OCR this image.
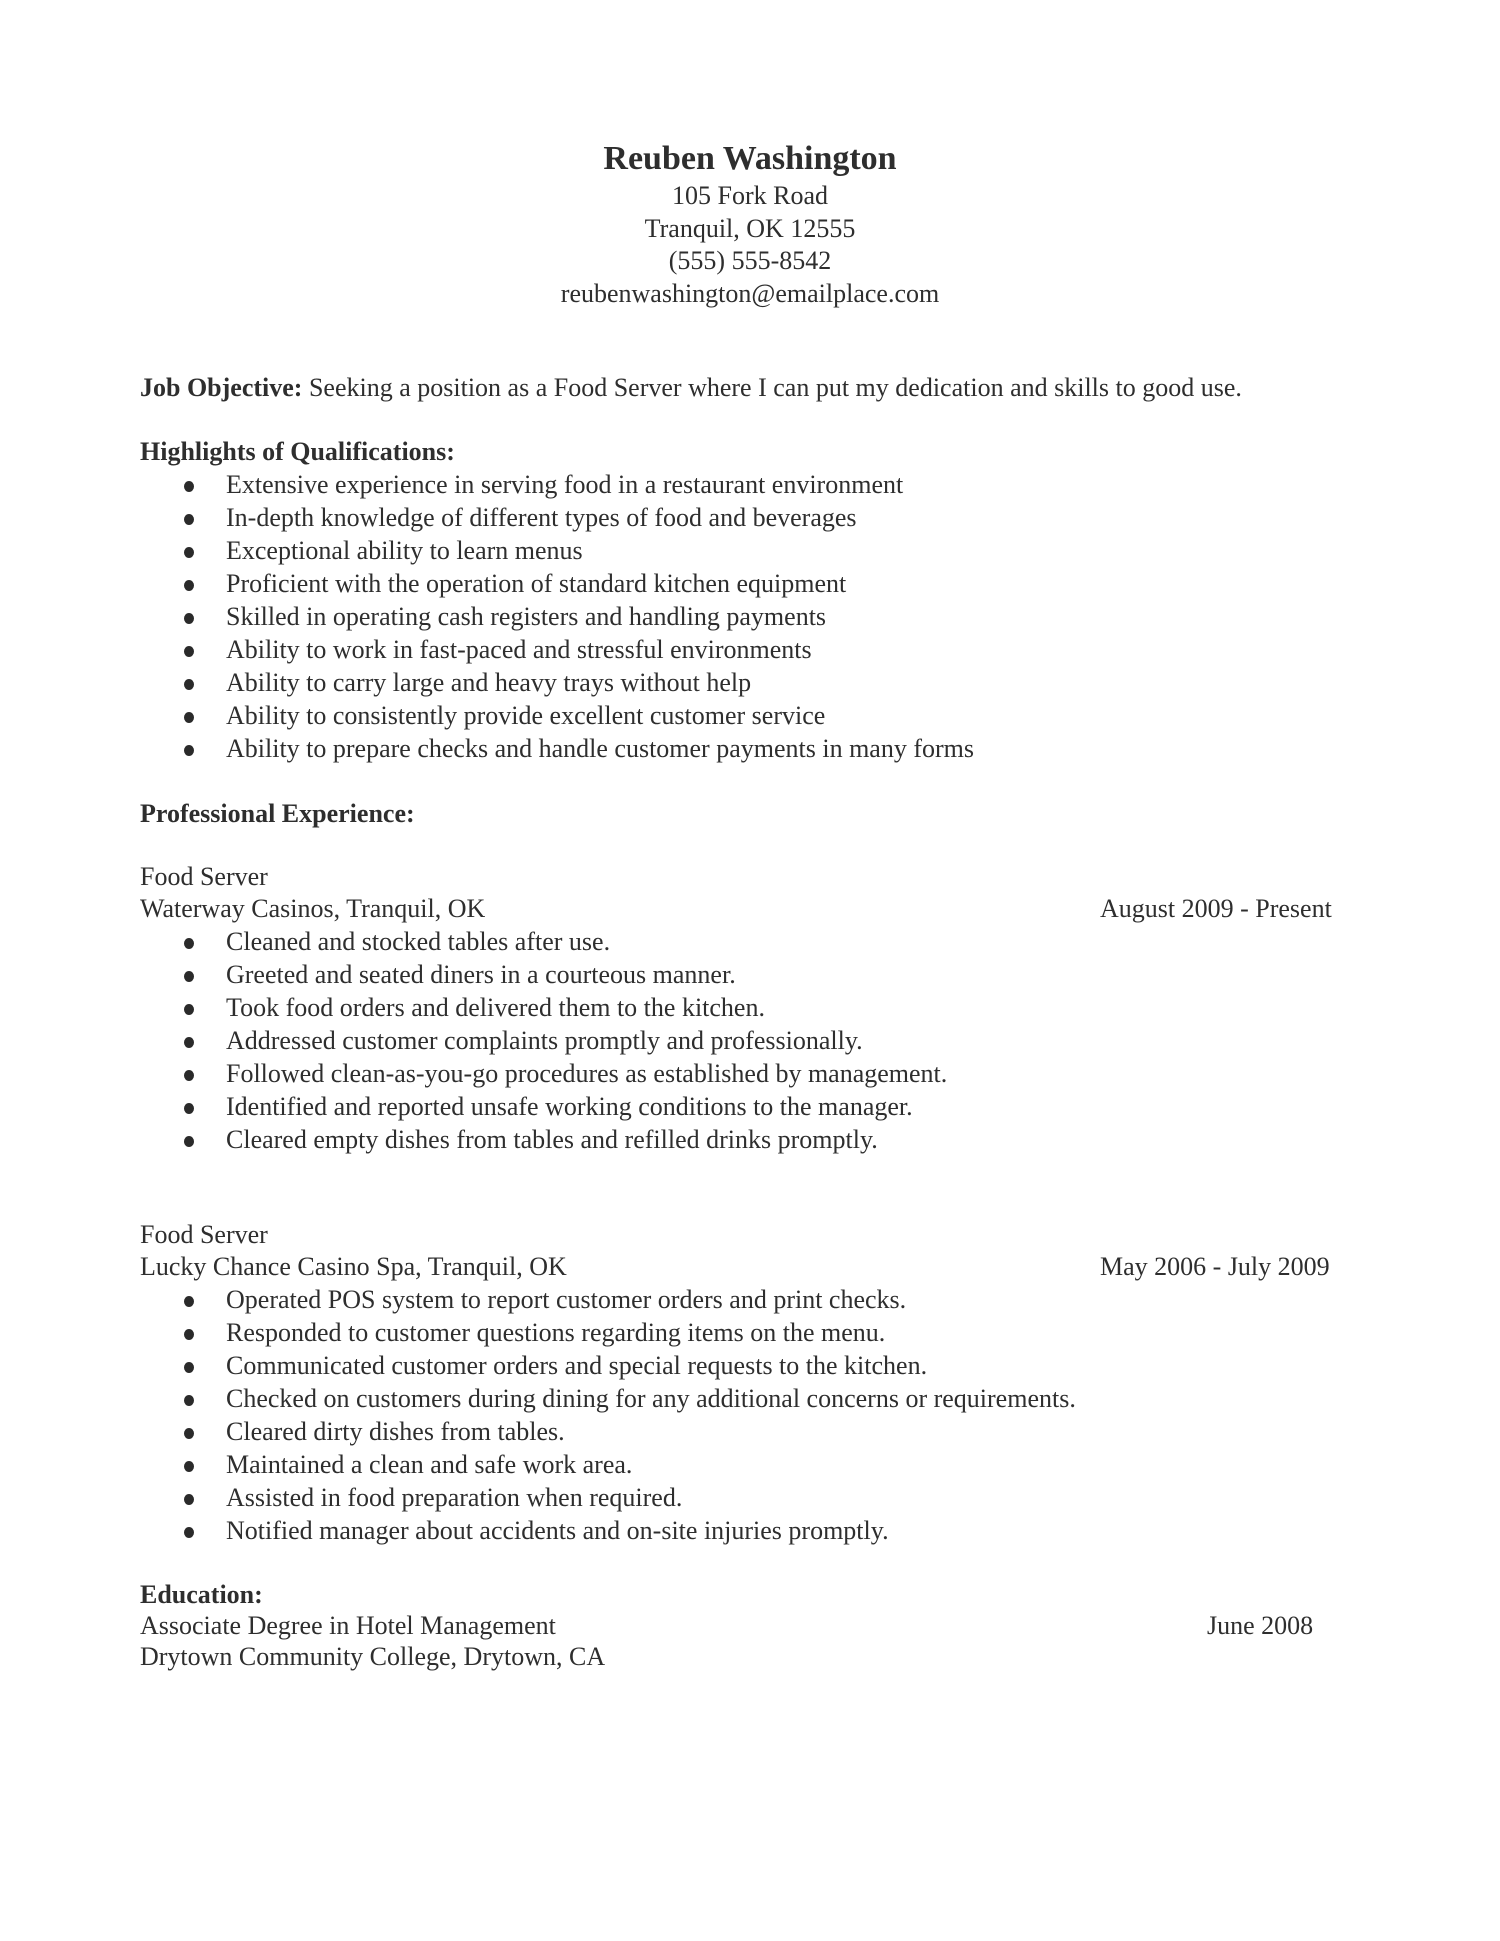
Reuben Washington
105 Fork Road
Tranquil, OK 12555
(555) 555-8542
reubenwashington@emailplace.com
Job Objective: Seeking a position as a Food Server where I can put my dedication and skills to good use.
Highlights of Qualifications:
Extensive experience in serving food in a restaurant environment
In-depth knowledge of different types of food and beverages
Exceptional ability to learn menus
Proficient with the operation of standard kitchen equipment
Skilled in operating cash registers and handling payments
Ability to work in fast-paced and stressful environments
Ability to carry large and heavy trays without help
Ability to consistently provide excellent customer service
Ability to prepare checks and handle customer payments in many forms
Professional Experience:
Food Server
Waterway Casinos, Tranquil, OK	August 2009 - Present
Cleaned and stocked tables after use.
Greeted and seated diners in a courteous manner.
Took food orders and delivered them to the kitchen.
Addressed customer complaints promptly and professionally.
Followed clean-as-you-go procedures as established by management.
Identified and reported unsafe working conditions to the manager.
Cleared empty dishes from tables and refilled drinks promptly.
Food Server
Lucky Chance Casino Spa, Tranquil, OK	May 2006 - July 2009
Operated POS system to report customer orders and print checks.
Responded to customer questions regarding items on the menu.
Communicated customer orders and special requests to the kitchen.
Checked on customers during dining for any additional concerns or requirements.
Cleared dirty dishes from tables.
Maintained a clean and safe work area.
Assisted in food preparation when required.
Notified manager about accidents and on-site injuries promptly.
Education:
Associate Degree in Hotel Management	June 2008
Drytown Community College, Drytown, CA
